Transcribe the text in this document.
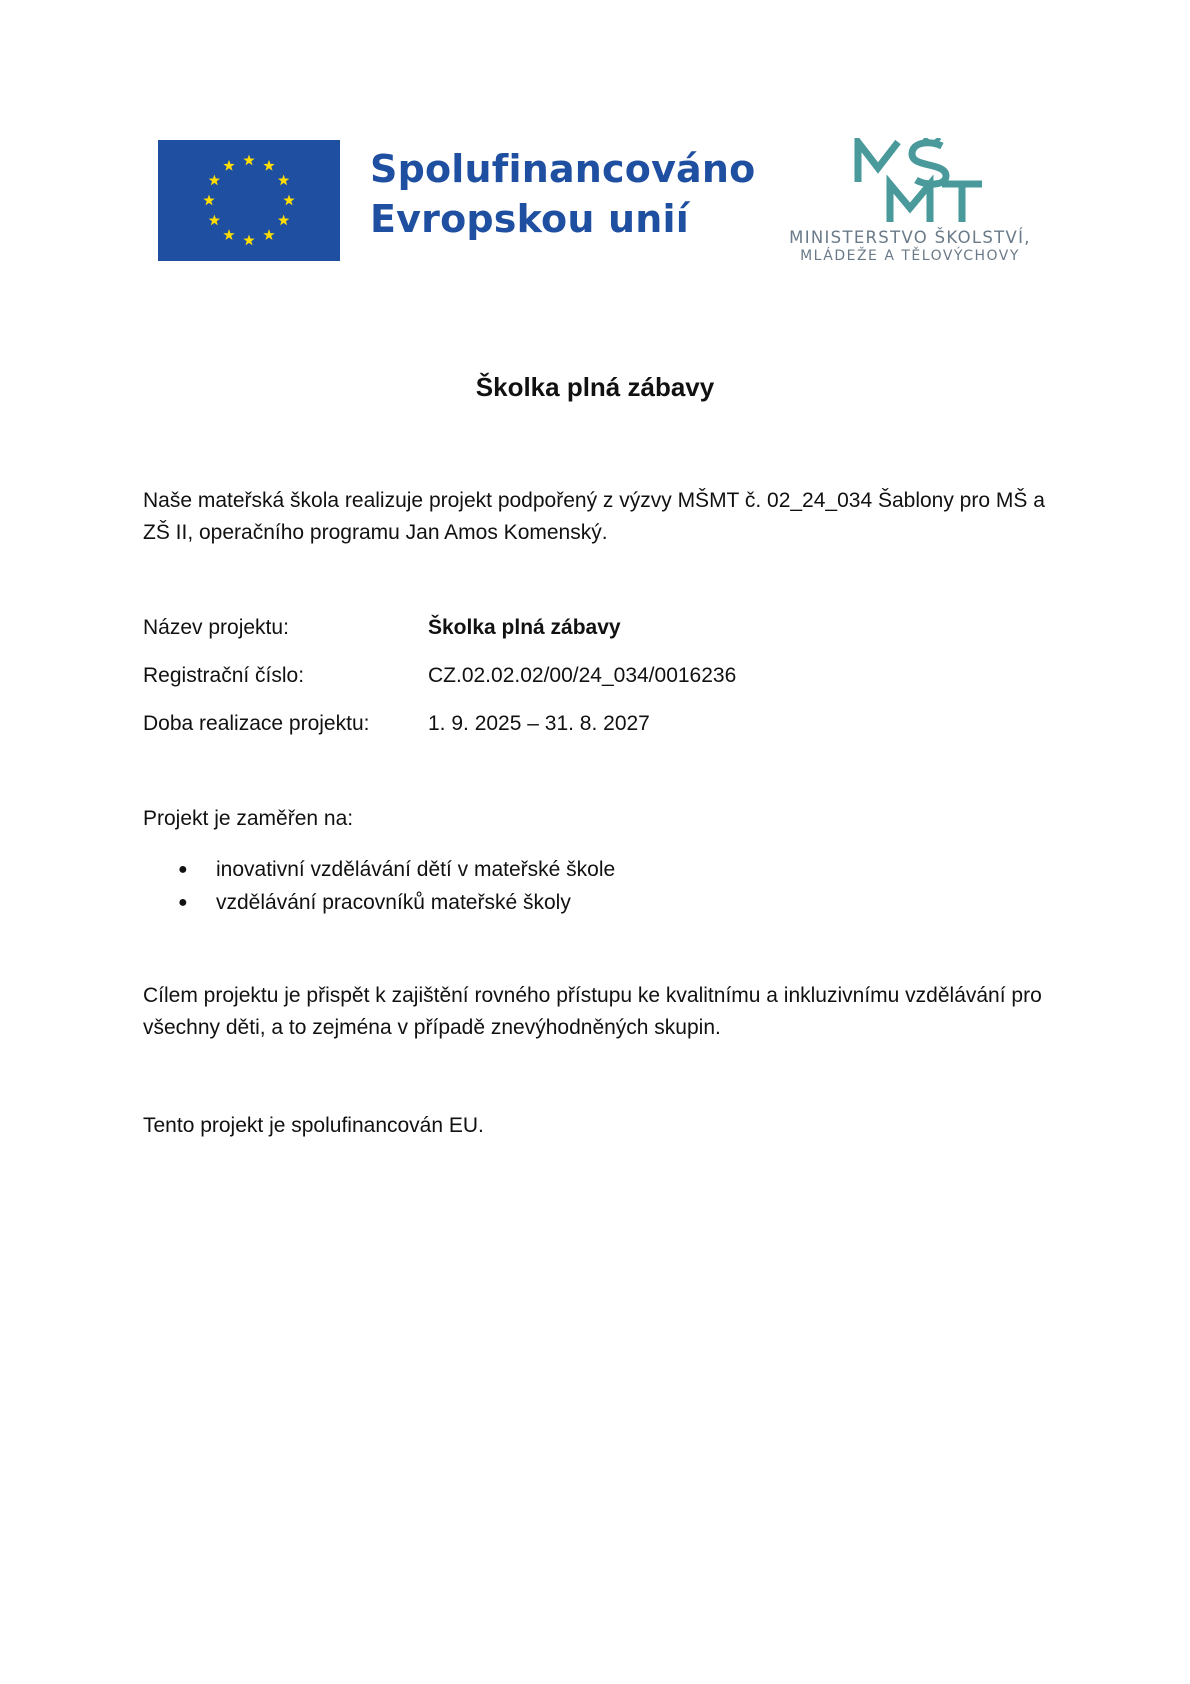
Spolufinancováno
Evropskou unií	MINISTERSTVO ŠKOLSTVÍ,
MLÁDEŽE A TĚLOVÝCHOVY
Školka plná zábavy
Naše mateřská škola realizuje projekt podpořený z výzvy MŠMT č. 02_24_034 Šablony pro MŠ a ZŠ II, operačního programu Jan Amos Komenský.
Název projektu:	Školka plná zábavy
Registrační číslo:	CZ.02.02.02/00/24_034/0016236
Doba realizace projektu:	1. 9. 2025 – 31. 8. 2027
Projekt je zaměřen na:
●	inovativní vzdělávání dětí v mateřské škole
●	vzdělávání pracovníků mateřské školy
Cílem projektu je přispět k zajištění rovného přístupu ke kvalitnímu a inkluzivnímu vzdělávání pro všechny děti, a to zejména v případě znevýhodněných skupin.
Tento projekt je spolufinancován EU.
